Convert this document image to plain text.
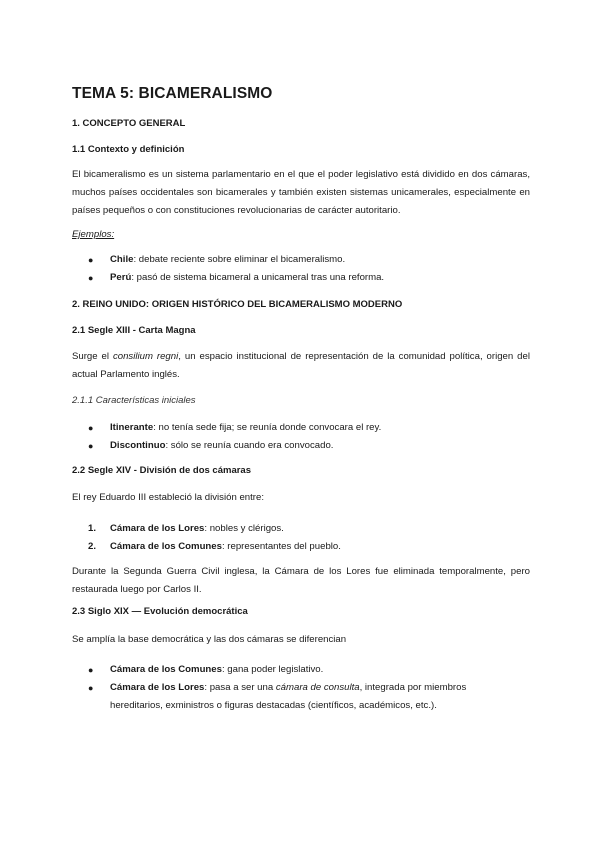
TEMA 5: BICAMERALISMO
1. CONCEPTO GENERAL
1.1 Contexto y definición

El bicameralismo es un sistema parlamentario en el que el poder legislativo está dividido en dos cámaras, muchos países occidentales son bicamerales y también existen sistemas unicamerales, especialmente en países pequeños o con constituciones revolucionarias de carácter autoritario.

Ejemplos:
● Chile: debate reciente sobre eliminar el bicameralismo.
● Perú: pasó de sistema bicameral a unicameral tras una reforma.
2. REINO UNIDO: ORIGEN HISTÓRICO DEL BICAMERALISMO MODERNO
2.1 Segle XIII - Carta Magna

Surge el consilium regni, un espacio institucional de representación de la comunidad política, origen del actual Parlamento inglés.

2.1.1 Características iniciales
● Itinerante: no tenía sede fija; se reunía donde convocara el rey.
● Discontinuo: sólo se reunía cuando era convocado.
2.2 Segle XIV - División de dos cámaras

El rey Eduardo III estableció la división entre:

1. Cámara de los Lores: nobles y clérigos.
2. Cámara de los Comunes: representantes del pueblo.

Durante la Segunda Guerra Civil inglesa, la Cámara de los Lores fue eliminada temporalmente, pero restaurada luego por Carlos II.

2.3 Siglo XIX — Evolución democrática

Se amplía la base democrática y las dos cámaras se diferencian

● Cámara de los Comunes: gana poder legislativo.
● Cámara de los Lores: pasa a ser una cámara de consulta, integrada por miembros hereditarios, exministros o figuras destacadas (científicos, académicos, etc.).
